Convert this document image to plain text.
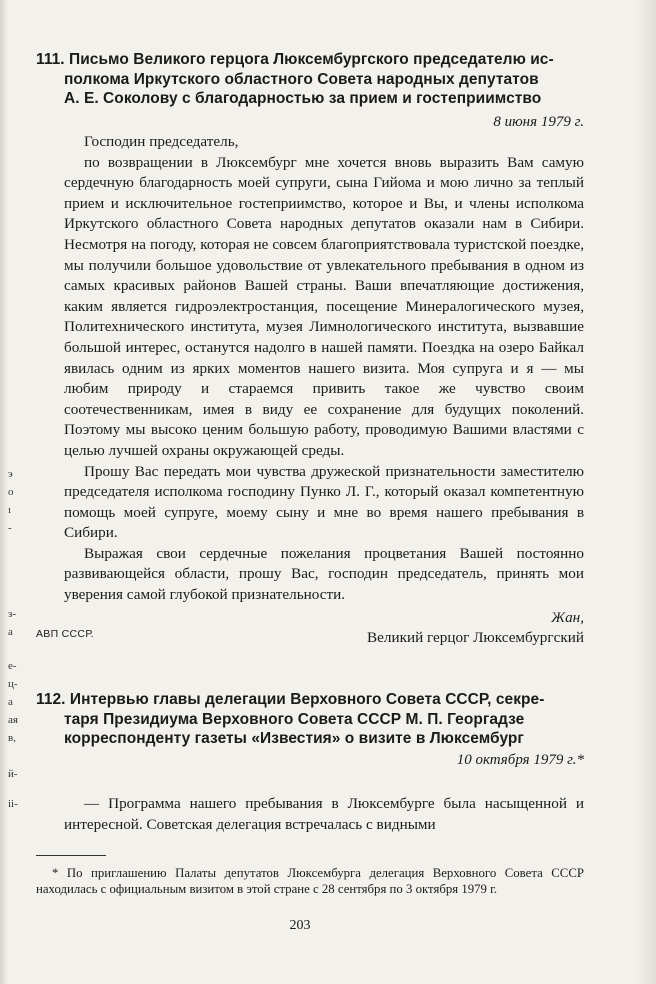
э
о
ı
-
з-
а
е-
ц-
а
ая
в,
й-
ii-
111. Письмо Великого герцога Люксембургского председателю ис-
полкома Иркутского областного Совета народных депутатов
А. Е. Соколову с благодарностью за прием и гостеприимство
8 июня 1979 г.

Господин председатель,

по возвращении в Люксембург мне хочется вновь выразить Вам самую сердечную благодарность моей супруги, сына Гийома и мою лично за теплый прием и исключительное гостеприимство, которое и Вы, и члены исполкома Иркутского областного Совета народных депутатов оказали нам в Сибири. Несмотря на погоду, которая не совсем благоприятствовала туристской поездке, мы получили большое удовольствие от увлекательного пребывания в одном из самых красивых районов Вашей страны. Ваши впечатляющие достижения, каким является гидроэлектростанция, посещение Минералогического музея, Политехнического института, музея Лимнологического института, вызвавшие большой интерес, останутся надолго в нашей памяти. Поездка на озеро Байкал явилась одним из ярких моментов нашего визита. Моя супруга и я — мы любим природу и стараемся привить такое же чувство своим соотечественникам, имея в виду ее сохранение для будущих поколений. Поэтому мы высоко ценим большую работу, проводимую Вашими властями с целью лучшей охраны окружающей среды.

Прошу Вас передать мои чувства дружеской признательности заместителю председателя исполкома господину Пунко Л. Г., который оказал компетентную помощь моей супруге, моему сыну и мне во время нашего пребывания в Сибири.

Выражая свои сердечные пожелания процветания Вашей постоянно развивающейся области, прошу Вас, господин председатель, принять мои уверения самой глубокой признательности.

Жан,
Великий герцог Люксембургский
АВП СССР.
112. Интервью главы делегации Верховного Совета СССР, секре-
таря Президиума Верховного Совета СССР М. П. Георгадзе
корреспонденту газеты «Известия» о визите в Люксембург
10 октября 1979 г.*

— Программа нашего пребывания в Люксембурге была насыщенной и интересной. Советская делегация встречалась с видными

* По приглашению Палаты депутатов Люксембурга делегация Верховного Совета СССР находилась с официальным визитом в этой стране с 28 сентября по 3 октября 1979 г.
203
